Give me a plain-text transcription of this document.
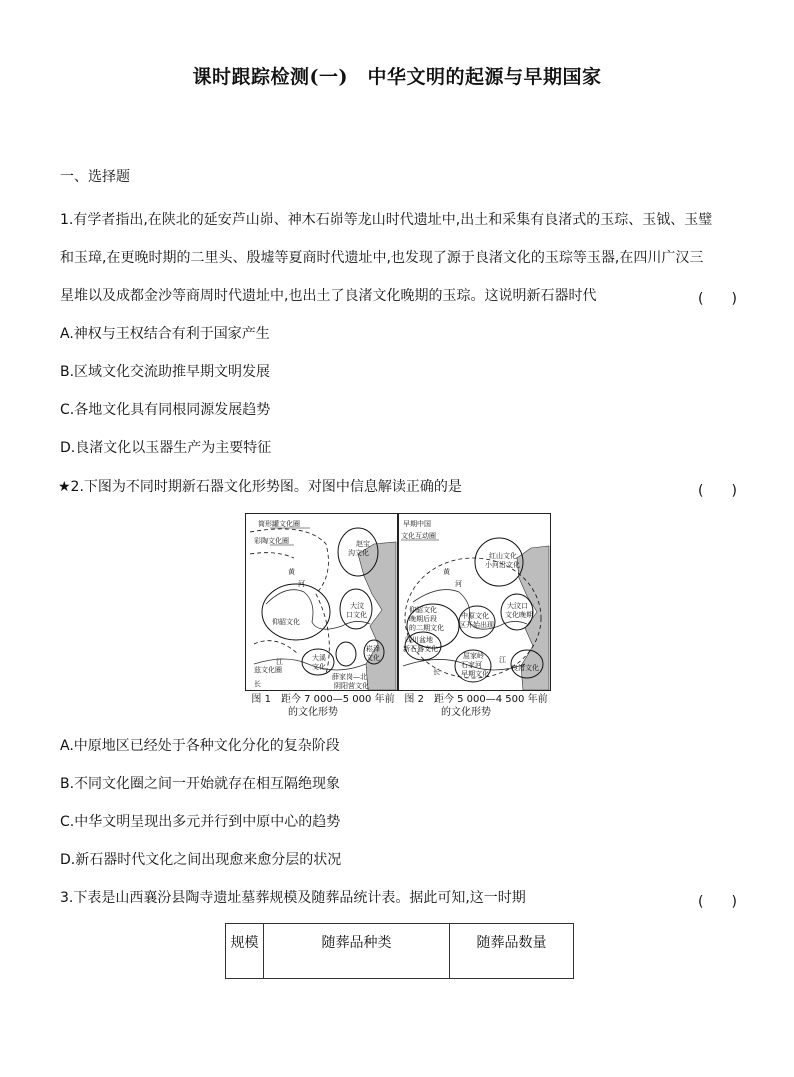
课时跟踪检测(一)　中华文明的起源与早期国家
一、选择题
1.有学者指出,在陕北的延安芦山峁、神木石峁等龙山时代遗址中,出土和采集有良渚式的玉琮、玉钺、玉璧
和玉璋,在更晚时期的二里头、殷墟等夏商时代遗址中,也发现了源于良渚文化的玉琮等玉器,在四川广汉三
星堆以及成都金沙等商周时代遗址中,也出土了良渚文化晚期的玉琮。这说明新石器时代	(　　)
A.神权与王权结合有利于国家产生
B.区域文化交流助推早期文明发展
C.各地文化具有同根同源发展趋势
D.良渚文化以玉器生产为主要特征
★2.下图为不同时期新石器文化形势图。对图中信息解读正确的是	(　　)
筒形罐文化圈
彩陶文化圈	赵宝
沟文化
黄
河
仰韶文化
大汶
口文化
江	大溪
文化
崧泽
文化
薛家岗—北
阴阳营文化
兹文化圈
长
图 1　距今 7 000—5 000 年前
的文化形势
早期中国
文化互动圈
红山文化
小河沿文化
黄
河
仰韶文化
晚期后段
的二期文化
中原文化
区开始出现
大汶口
文化晚期
四川盆地
新石器文化
屈家岭
石家河
早期文化
良渚文化
江
长
图 2　距今 5 000—4 500 年前
的文化形势
A.中原地区已经处于各种文化分化的复杂阶段
B.不同文化圈之间一开始就存在相互隔绝现象
C.中华文明呈现出多元并行到中原中心的趋势
D.新石器时代文化之间出现愈来愈分层的状况
3.下表是山西襄汾县陶寺遗址墓葬规模及随葬品统计表。据此可知,这一时期	(　　)
规模	随葬品种类	随葬品数量
